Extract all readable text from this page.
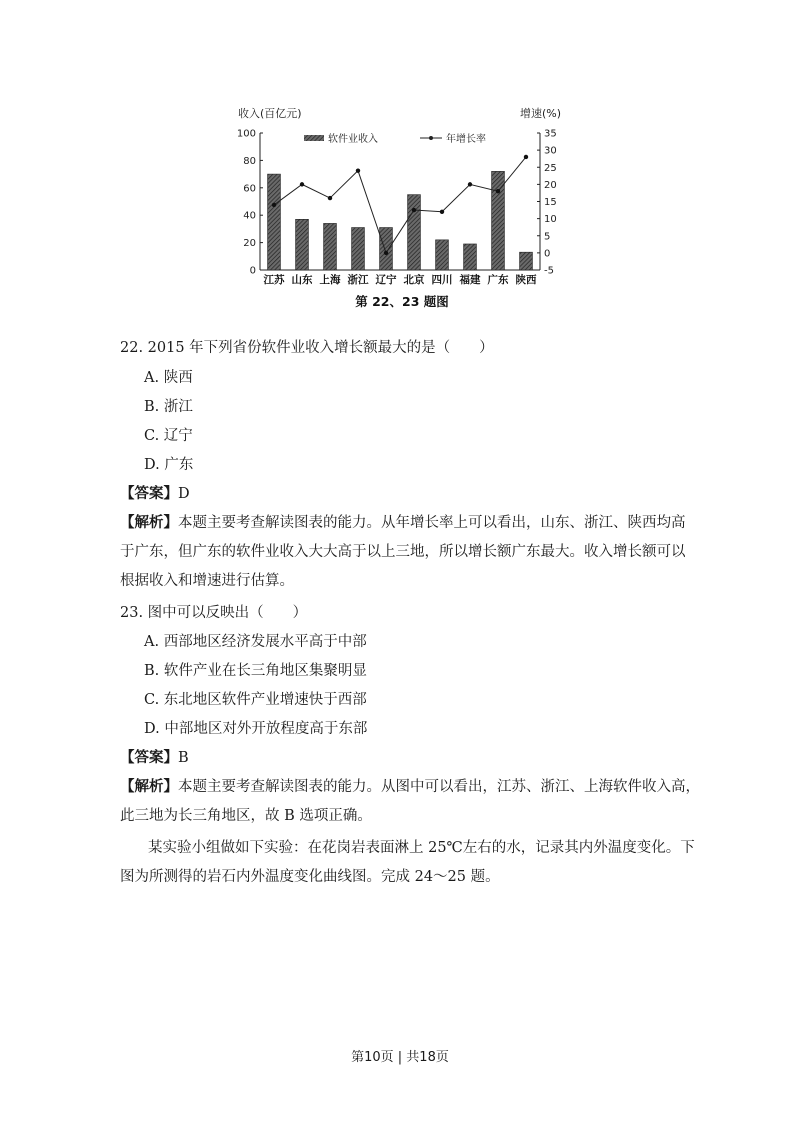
收入(百亿元)	增速(%)
软件业收入	年增长率
0
20
40
60
80
100
-5
0
5
10
15
20
25
30
35
江苏 山东 上海 浙江 辽宁 北京 四川 福建 广东 陕西
第 22、23 题图
22. 2015 年下列省份软件业收入增长额最大的是（　　）
A. 陕西
B. 浙江
C. 辽宁
D. 广东
【答案】D
【解析】本题主要考查解读图表的能力。从年增长率上可以看出，山东、浙江、陕西均高
于广东，但广东的软件业收入大大高于以上三地，所以增长额广东最大。收入增长额可以
根据收入和增速进行估算。
23. 图中可以反映出（　　）
A. 西部地区经济发展水平高于中部
B. 软件产业在长三角地区集聚明显
C. 东北地区软件产业增速快于西部
D. 中部地区对外开放程度高于东部
【答案】B
【解析】本题主要考查解读图表的能力。从图中可以看出，江苏、浙江、上海软件收入高，
此三地为长三角地区，故 B 选项正确。
某实验小组做如下实验：在花岗岩表面淋上 25℃左右的水，记录其内外温度变化。下
图为所测得的岩石内外温度变化曲线图。完成 24～25 题。
第10页 | 共18页
